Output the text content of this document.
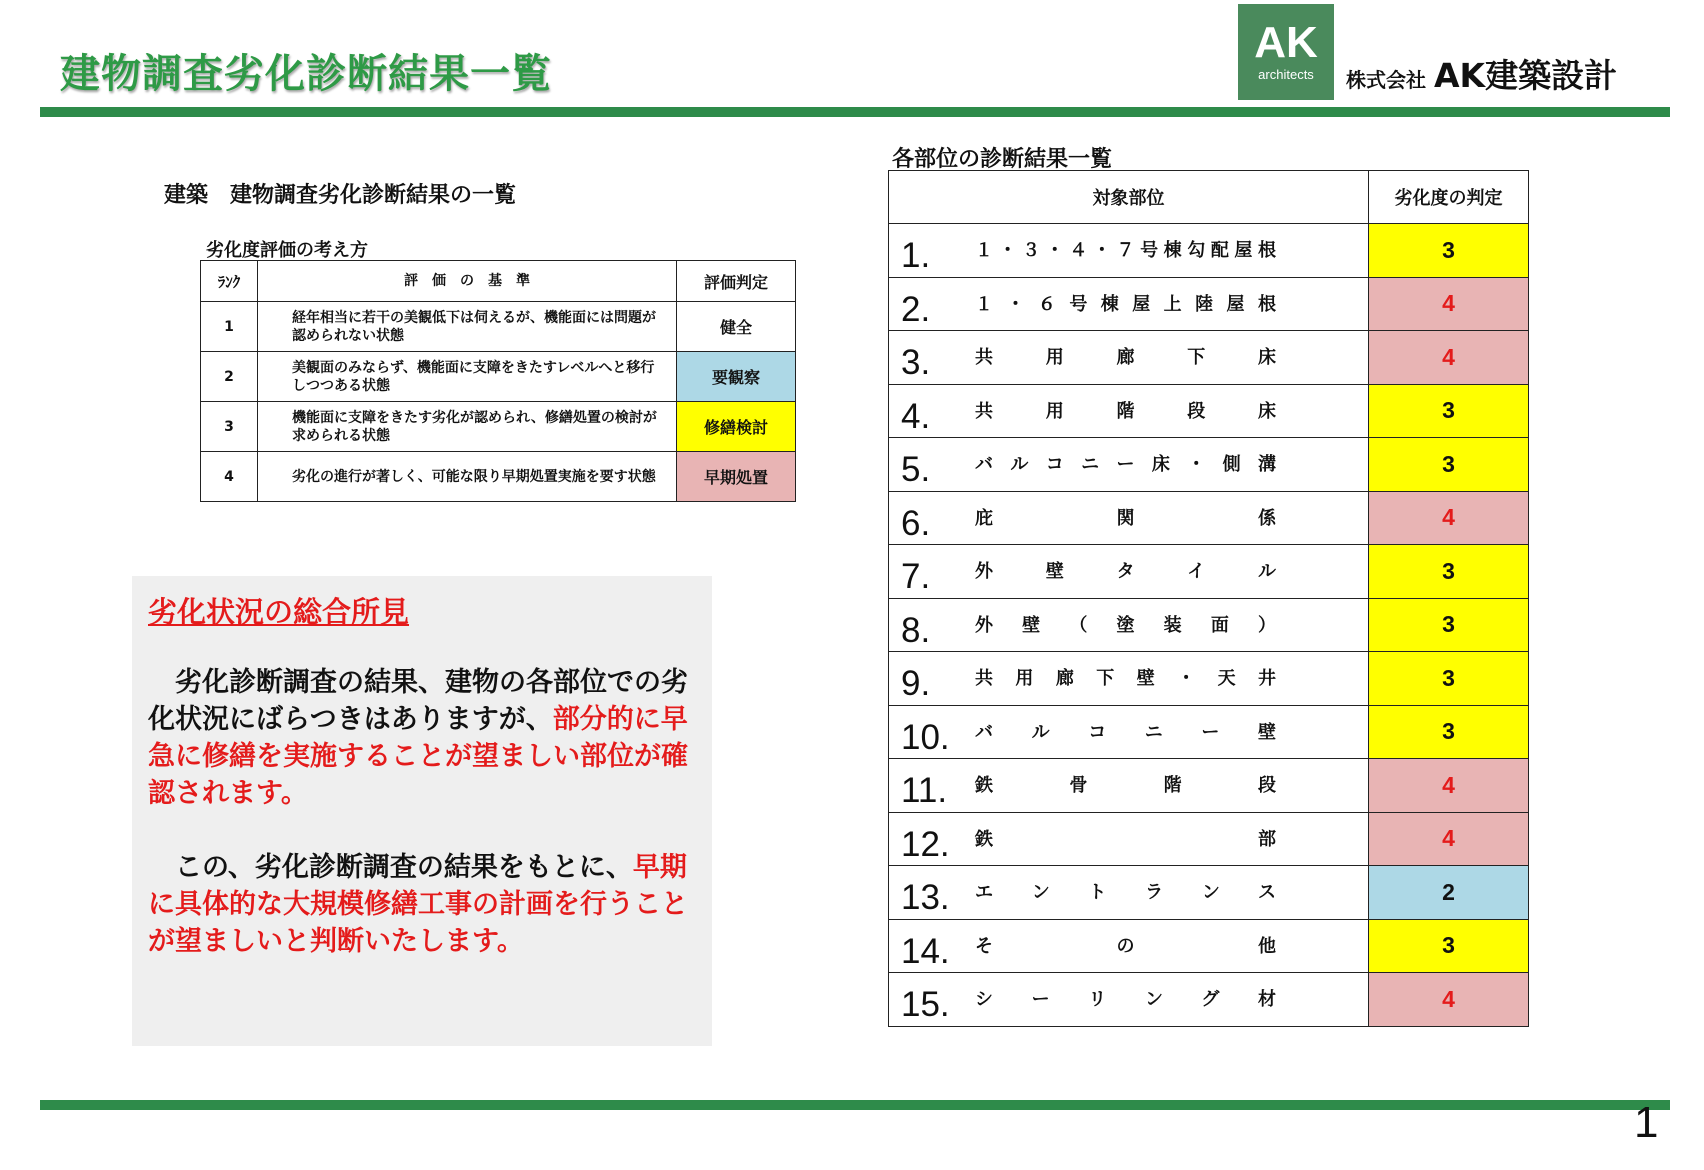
建物調査劣化診断結果一覧
AK
architects	株式会社 AK建築設計
建築　建物調査劣化診断結果の一覧
劣化度評価の考え方
ﾗﾝｸ	評　価　の　基　準	評価判定
1	経年相当に若干の美観低下は伺えるが、機能面には問題が認められない状態	健全
2	美観面のみならず、機能面に支障をきたすレベルへと移行しつつある状態	要観察
3	機能面に支障をきたす劣化が認められ、修繕処置の検討が求められる状態	修繕検討
4	劣化の進行が著しく、可能な限り早期処置実施を要す状態	早期処置
劣化状況の総合所見
　劣化診断調査の結果、建物の各部位での劣化状況にばらつきはありますが、部分的に早急に修繕を実施することが望ましい部位が確認されます。
　この、劣化診断調査の結果をもとに、早期に具体的な大規模修繕工事の計画を行うことが望ましいと判断いたします。
各部位の診断結果一覧
対象部位	劣化度の判定

1. １・３・４・７号棟勾配屋根	3

2. １・６号棟屋上陸屋根	4

3. 共用廊下床	4

4. 共用階段床	3

5. バルコニー床・側溝	3

6. 庇関係	4

7. 外壁タイル	3

8. 外壁（塗装面）	3

9. 共用廊下壁・天井	3

10. バルコニー壁	3

11. 鉄骨階段	4

12. 鉄部	4

13. エントランス	2

14. その他	3

15. シーリング材	4
1
